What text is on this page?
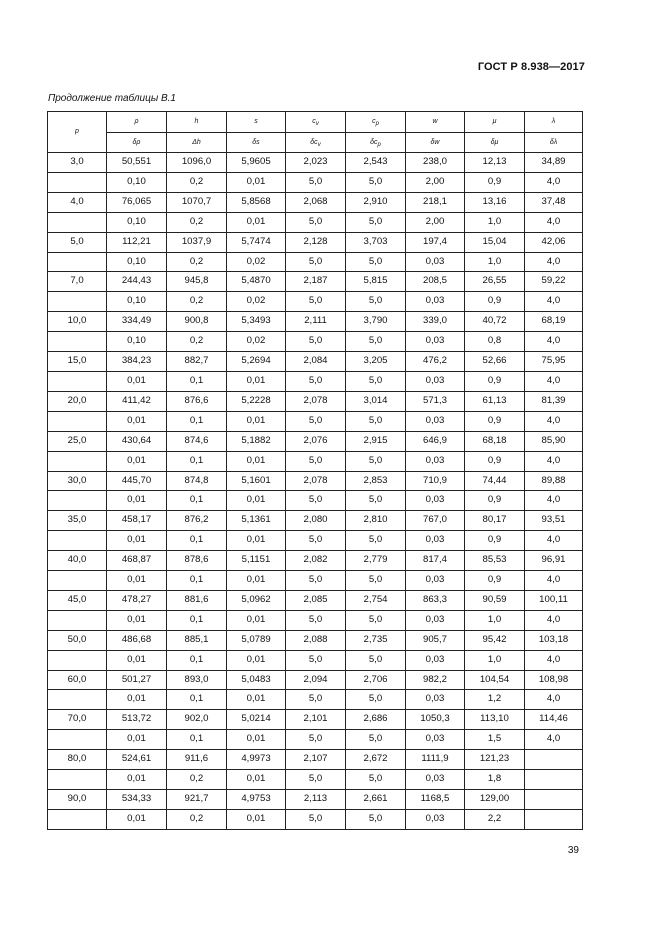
ГОСТ Р 8.938—2017
Продолжение таблицы В.1
p	ρ	h	s	$c_v$	$c_p$	w	μ	λ
	δρ	Δh	δs	$\delta c_v$	$\delta c_p$	δw	δμ	δλ
3,0	50,551	1096,0	5,9605	2,023	2,543	238,0	12,13	34,89
	0,10	0,2	0,01	5,0	5,0	2,00	0,9	4,0
4,0	76,065	1070,7	5,8568	2,068	2,910	218,1	13,16	37,48
	0,10	0,2	0,01	5,0	5,0	2,00	1,0	4,0
5,0	112,21	1037,9	5,7474	2,128	3,703	197,4	15,04	42,06
	0,10	0,2	0,02	5,0	5,0	0,03	1,0	4,0
7,0	244,43	945,8	5,4870	2,187	5,815	208,5	26,55	59,22
	0,10	0,2	0,02	5,0	5,0	0,03	0,9	4,0
10,0	334,49	900,8	5,3493	2,111	3,790	339,0	40,72	68,19
	0,10	0,2	0,02	5,0	5,0	0,03	0,8	4,0
15,0	384,23	882,7	5,2694	2,084	3,205	476,2	52,66	75,95
	0,01	0,1	0,01	5,0	5,0	0,03	0,9	4,0
20,0	411,42	876,6	5,2228	2,078	3,014	571,3	61,13	81,39
	0,01	0,1	0,01	5,0	5,0	0,03	0,9	4,0
25,0	430,64	874,6	5,1882	2,076	2,915	646,9	68,18	85,90
	0,01	0,1	0,01	5,0	5,0	0,03	0,9	4,0
30,0	445,70	874,8	5,1601	2,078	2,853	710,9	74,44	89,88
	0,01	0,1	0,01	5,0	5,0	0,03	0,9	4,0
35,0	458,17	876,2	5,1361	2,080	2,810	767,0	80,17	93,51
	0,01	0,1	0,01	5,0	5,0	0,03	0,9	4,0
40,0	468,87	878,6	5,1151	2,082	2,779	817,4	85,53	96,91
	0,01	0,1	0,01	5,0	5,0	0,03	0,9	4,0
45,0	478,27	881,6	5,0962	2,085	2,754	863,3	90,59	100,11
	0,01	0,1	0,01	5,0	5,0	0,03	1,0	4,0
50,0	486,68	885,1	5,0789	2,088	2,735	905,7	95,42	103,18
	0,01	0,1	0,01	5,0	5,0	0,03	1,0	4,0
60,0	501,27	893,0	5,0483	2,094	2,706	982,2	104,54	108,98
	0,01	0,1	0,01	5,0	5,0	0,03	1,2	4,0
70,0	513,72	902,0	5,0214	2,101	2,686	1050,3	113,10	114,46
	0,01	0,1	0,01	5,0	5,0	0,03	1,5	4,0
80,0	524,61	911,6	4,9973	2,107	2,672	1111,9	121,23	
	0,01	0,2	0,01	5,0	5,0	0,03	1,8	
90,0	534,33	921,7	4,9753	2,113	2,661	1168,5	129,00	
	0,01	0,2	0,01	5,0	5,0	0,03	2,2	
39
